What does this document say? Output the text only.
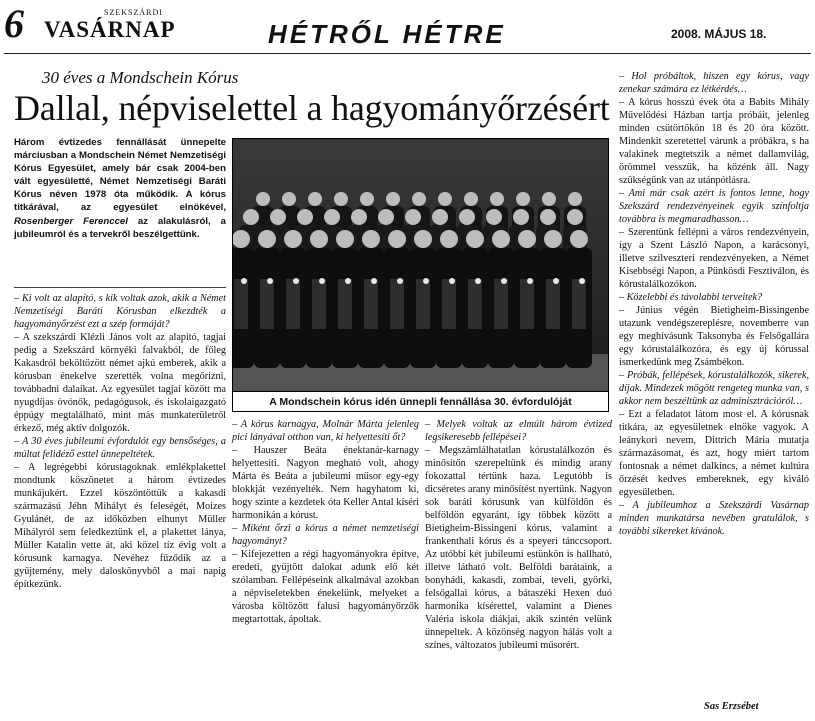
6	SZEKSZÁRDI
VASÁRNAP	HÉTRŐL HÉTRE	2008. MÁJUS 18.
30 éves a Mondschein Kórus
Dallal, népviselettel a hagyományőrzésért
Három évtizedes fennállását ünnepelte márciusban a Mondschein Német Nemzetiségi Kórus Egyesület, amely bár csak 2004-ben vált egyesületté, Német Nemzetiségi Baráti Kórus néven 1978 óta működik. A kórus titkárával, az egyesület elnökével, Rosenberger Ferenccel az alakulásról, a jubileumról és a tervekről beszélgettünk.
A Mondschein kórus idén ünnepli fennállása 30. évfordulóját

– Ki volt az alapító, s kik voltak azok, akik a Német Nemzetiségi Baráti Kórusban elkezdték a hagyományőrzést ezt a szép formáját?

– A szekszárdi Klézli János volt az alapító, tagjai pedig a Szekszárd környéki falvakból, de főleg Kakasdról beköltözött német ajkú emberek, akik a kórusban énekelve szerették volna megőrizni, továbbadni dalaikat. Az egyesület tagjai között ma nyugdíjas óvónők, pedagógusok, és iskolaigazgató éppúgy megtalálható, mint más munkaterületről érkező, még aktív dolgozók.

– A 30 éves jubileumi évfordulót egy bensőséges, a múltat felidéző esttel ünnepeltétek.

– A legrégebbi kórustagoknak emlékplakettel mondtunk köszönetet a három évtizedes munkájukért. Ezzel köszöntöttük a kakasdi származású Jéhn Mihályt és feleségét, Moizes Gyulánét, de az időközben elhunyt Müller Mihályról sem feledkeztünk el, a plakettet lánya, Müller Katalin vette át, aki közel tíz évig volt a kórusunk karnagya. Nevéhez fűződik az a gyűjtemény, mely daloskönyvből a mai napig építkezünk.

– A kórus karnagya, Molnár Márta jelenleg pici lányával otthon van, ki helyettesíti őt?

– Hauszer Beáta énektanár-karnagy helyettesíti. Nagyon megható volt, ahogy Márta és Beáta a jubileumi műsor egy-egy blokkját vezényelték. Nem hagyhatom ki, hogy szinte a kezdetek óta Keller Antal kíséri harmonikán a kórust.

– Miként őrzi a kórus a német nemzetiségi hagyományt?

– Kifejezetten a régi hagyományokra építve, eredeti, gyűjtött dalokat adunk elő két szólamban. Fellépéseink alkalmával azokban a népviseletekben énekelünk, melyeket a városba költözött falusi hagyományőrzők megtartottak, ápoltak.

– Melyek voltak az elmúlt három évtized legsikeresebb fellépései?

– Megszámlálhatatlan kórustalálkozón és minősítőn szerepeltünk és mindig arany fokozattal tértünk haza. Legutóbb is dicséretes arany minősítést nyertünk. Nagyon sok baráti kórusunk van külföldön és belföldön egyaránt, így többek között a Bietigheim-Bissingeni kórus, valamint a frankenthali kórus és a speyeri tánccsoport. Az utóbbi két jubileumi estünkön is hallható, illetve látható volt. Belföldi barátaink, a bonyhádi, kakasdi, zombai, teveli, györki, felsőgallai kórus, a bátaszéki Hexen duó harmonika kísérettel, valamint a Dienes Valéria iskola diákjai, akik szintén velünk ünnepeltek. A közönség nagyon hálás volt a színes, változatos jubileumi műsorért.

– Hol próbáltok, hiszen egy kórus, vagy zenekar számára ez létkérdés…

– A kórus hosszú évek óta a Babits Mihály Művelődési Házban tartja próbáit, jelenleg minden csütörtökön 18 és 20 óra között. Mindenkit szeretettel várunk a próbákra, s ha valakinek megtetszik a német dallamvilág, örömmel vesszük, ha közénk áll. Nagy szükségünk van az utánpótlásra.

– Ami már csak azért is fontos lenne, hogy Szekszárd rendezvényeinek egyik színfoltja továbbra is megmaradhasson…

– Szerentünk fellépni a város rendezvényein, így a Szent László Napon, a karácsonyi, illetve szilveszteri rendezvényeken, a Német Kisebbségi Napon, a Pünkösdi Fesztiválon, és kórustalálkozókon.

– Közelebbi és távolabbi terveitek?

– Június végén Bietigheim-Bissingenbe utazunk vendégszereplésre, novemberre van egy meghívásunk Taksonyba és Felsőgallára egy kórustalálkozóra, és egy új kórussal ismerkedünk meg Zsámbékon.

– Próbák, fellépések, kórustalálkozók, sikerek, díjak. Mindezek mögött rengeteg munka van, s akkor nem beszéltünk az adminisztrációról…

– Ezt a feladatot látom most el. A kórusnak titkára, az egyesületnek elnöke vagyok. A leánykori nevem, Dittrich Mária mutatja származásomat, és azt, hogy miért tartom fontosnak a német dalkincs, a német kultúra őrzését kedves embereknek, egy kiváló egyesületben.

– A jubileumhoz a Szekszárdi Vasárnap minden munkatársa nevében gratulálok, s további sikereket kívánok.

Sas Erzsébet
